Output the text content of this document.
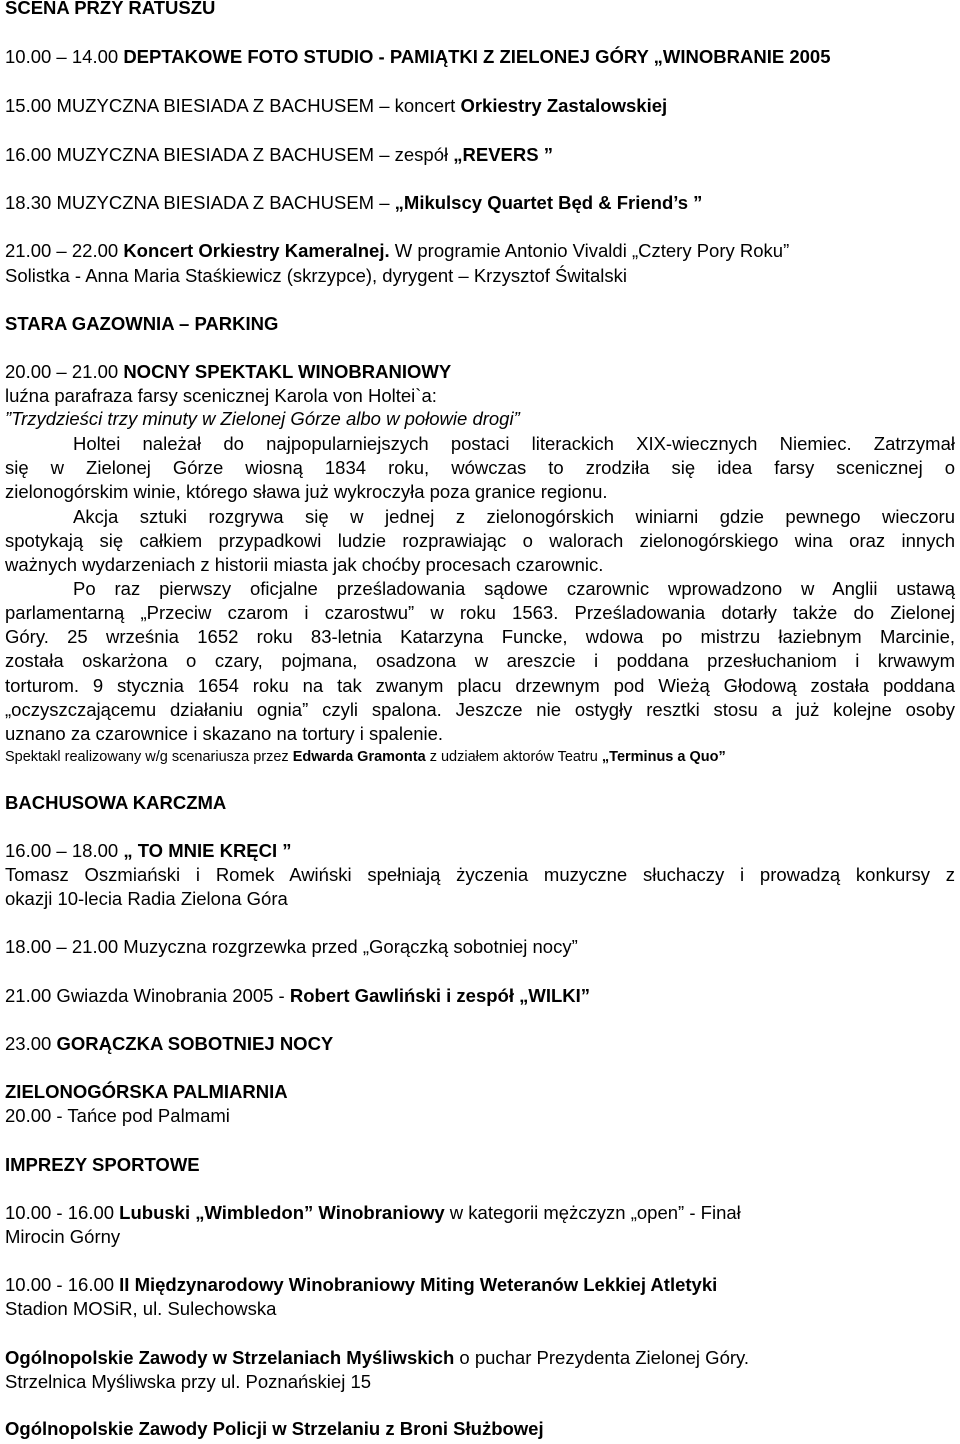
SCENA PRZY RATUSZU
10.00 – 14.00 DEPTAKOWE FOTO STUDIO - PAMIĄTKI Z ZIELONEJ GÓRY „WINOBRANIE 2005
15.00 MUZYCZNA BIESIADA Z BACHUSEM – koncert Orkiestry Zastalowskiej
16.00 MUZYCZNA BIESIADA Z BACHUSEM – zespół „REVERS ”
18.30 MUZYCZNA BIESIADA Z BACHUSEM – „Mikulscy Quartet Będ & Friend’s ”
21.00 – 22.00 Koncert Orkiestry Kameralnej. W programie Antonio Vivaldi „Cztery Pory Roku”
Solistka - Anna Maria Staśkiewicz (skrzypce), dyrygent – Krzysztof Świtalski
STARA GAZOWNIA – PARKING
20.00 – 21.00 NOCNY SPEKTAKL WINOBRANIOWY
luźna parafraza farsy scenicznej Karola von Holtei`a:
”Trzydzieści trzy minuty w Zielonej Górze albo w połowie drogi”
Holtei należał do najpopularniejszych postaci literackich XIX-wiecznych Niemiec. Zatrzymał
się w Zielonej Górze wiosną 1834 roku, wówczas to zrodziła się idea farsy scenicznej o
zielonogórskim winie, którego sława już wykroczyła poza granice regionu.
Akcja sztuki rozgrywa się w jednej z zielonogórskich winiarni gdzie pewnego wieczoru
spotykają się całkiem przypadkowi ludzie rozprawiając o walorach zielonogórskiego wina oraz innych
ważnych wydarzeniach z historii miasta jak choćby procesach czarownic.
Po raz pierwszy oficjalne prześladowania sądowe czarownic wprowadzono w Anglii ustawą
parlamentarną „Przeciw czarom i czarostwu” w roku 1563. Prześladowania dotarły także do Zielonej
Góry. 25 września 1652 roku 83-letnia Katarzyna Funcke, wdowa po mistrzu łaziebnym Marcinie,
została oskarżona o czary, pojmana, osadzona w areszcie i poddana przesłuchaniom i krwawym
torturom. 9 stycznia 1654 roku na tak zwanym placu drzewnym pod Wieżą Głodową została poddana
„oczyszczającemu działaniu ognia” czyli spalona. Jeszcze nie ostygły resztki stosu a już kolejne osoby
uznano za czarownice i skazano na tortury i spalenie.
Spektakl realizowany w/g scenariusza przez Edwarda Gramonta z udziałem aktorów Teatru „Terminus a Quo”
BACHUSOWA KARCZMA
16.00 – 18.00 „ TO MNIE KRĘCI ”
Tomasz Oszmiański i Romek Awiński spełniają życzenia muzyczne słuchaczy i prowadzą konkursy z
okazji 10-lecia Radia Zielona Góra
18.00 – 21.00 Muzyczna rozgrzewka przed „Gorączką sobotniej nocy”
21.00 Gwiazda Winobrania 2005 - Robert Gawliński i zespół „WILKI”
23.00 GORĄCZKA SOBOTNIEJ NOCY
ZIELONOGÓRSKA PALMIARNIA
20.00 - Tańce pod Palmami
IMPREZY SPORTOWE
10.00 - 16.00 Lubuski „Wimbledon” Winobraniowy w kategorii mężczyzn „open” - Finał
Mirocin Górny
10.00 - 16.00 II Międzynarodowy Winobraniowy Miting Weteranów Lekkiej Atletyki
Stadion MOSiR, ul. Sulechowska
Ogólnopolskie Zawody w Strzelaniach Myśliwskich o puchar Prezydenta Zielonej Góry.
Strzelnica Myśliwska przy ul. Poznańskiej 15
Ogólnopolskie Zawody Policji w Strzelaniu z Broni Służbowej
